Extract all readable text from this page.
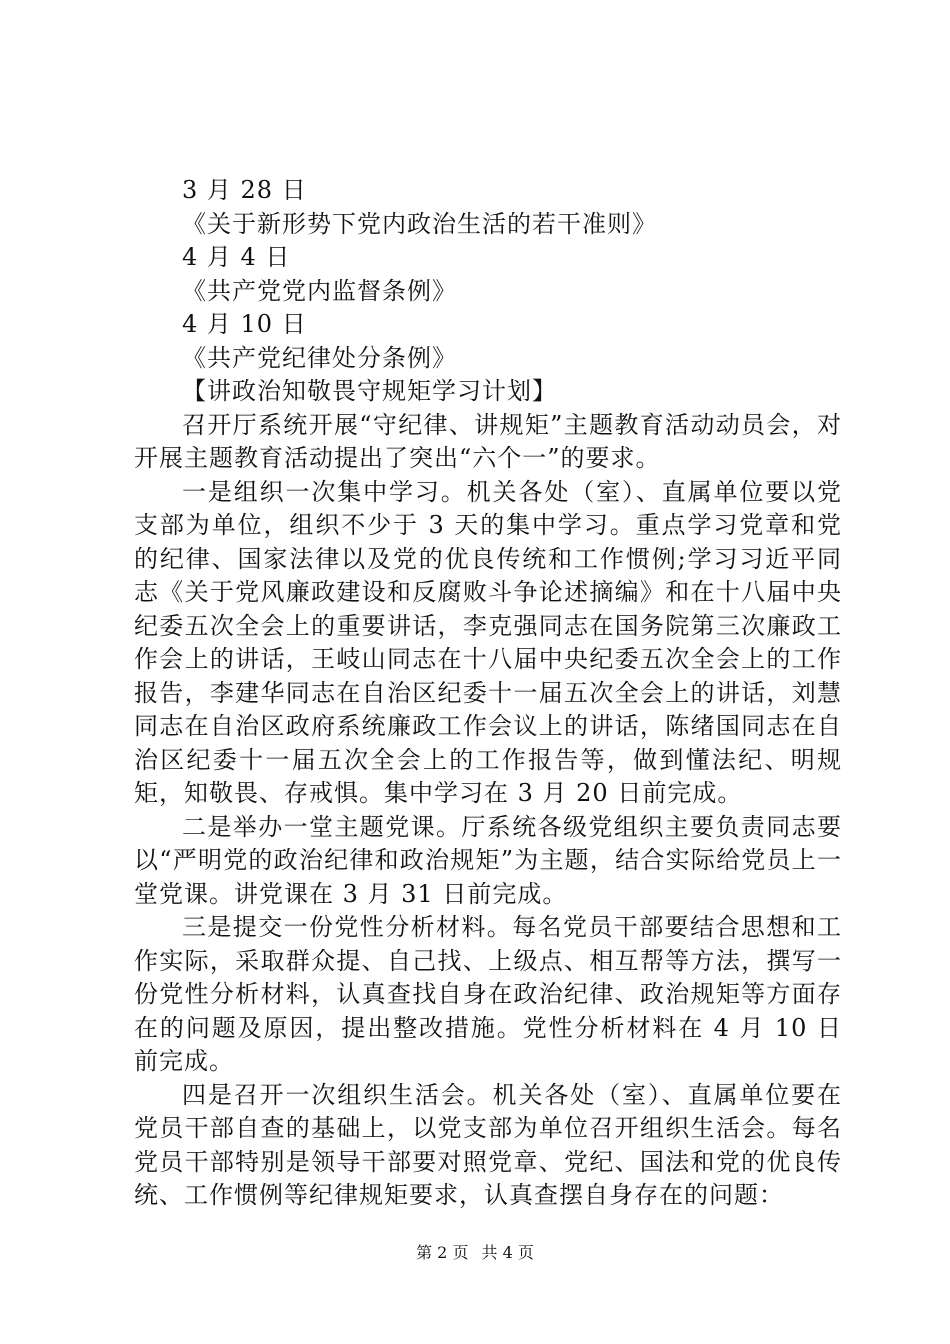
3 月 28 日
《关于新形势下党内政治生活的若干准则》
4 月 4 日
《共产党党内监督条例》
4 月 10 日
《共产党纪律处分条例》
【讲政治知敬畏守规矩学习计划】
召开厅系统开展“守纪律、讲规矩”主题教育活动动员会，对开展主题教育活动提出了突出“六个一”的要求。
一是组织一次集中学习。机关各处（室）、直属单位要以党支部为单位，组织不少于 3 天的集中学习。重点学习党章和党的纪律、国家法律以及党的优良传统和工作惯例;学习习近平同志《关于党风廉政建设和反腐败斗争论述摘编》和在十八届中央纪委五次全会上的重要讲话，李克强同志在国务院第三次廉政工作会上的讲话，王岐山同志在十八届中央纪委五次全会上的工作报告，李建华同志在自治区纪委十一届五次全会上的讲话，刘慧同志在自治区政府系统廉政工作会议上的讲话，陈绪国同志在自治区纪委十一届五次全会上的工作报告等，做到懂法纪、明规矩，知敬畏、存戒惧。集中学习在 3 月 20 日前完成。
二是举办一堂主题党课。厅系统各级党组织主要负责同志要以“严明党的政治纪律和政治规矩”为主题，结合实际给党员上一堂党课。讲党课在 3 月 31 日前完成。
三是提交一份党性分析材料。每名党员干部要结合思想和工作实际，采取群众提、自己找、上级点、相互帮等方法，撰写一份党性分析材料，认真查找自身在政治纪律、政治规矩等方面存在的问题及原因，提出整改措施。党性分析材料在 4 月 10 日前完成。
四是召开一次组织生活会。机关各处（室）、直属单位要在党员干部自查的基础上，以党支部为单位召开组织生活会。每名党员干部特别是领导干部要对照党章、党纪、国法和党的优良传统、工作惯例等纪律规矩要求，认真查摆自身存在的问题：
第 2 页 共 4 页
